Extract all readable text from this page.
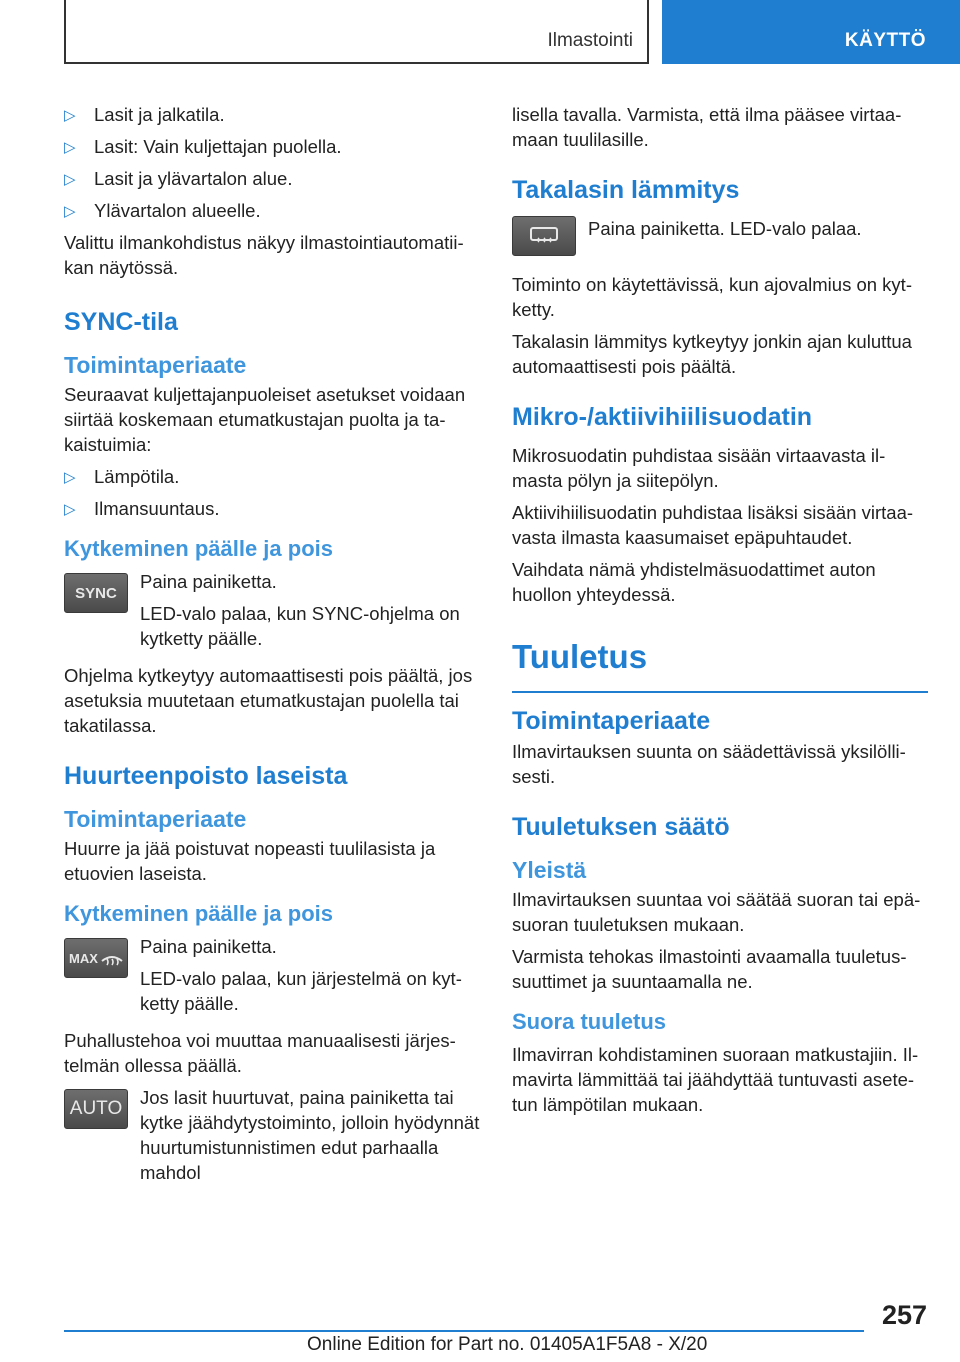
Ilmastointi	KÄYTTÖ
▷ Lasit ja jalkatila.
▷ Lasit: Vain kuljettajan puolella.
▷ Lasit ja ylävartalon alue.
▷ Ylävartalon alueelle.

Valittu ilmankohdistus näkyy ilmastointiautomatiikan näytössä.

SYNC-tila
Toimintaperiaate

Seuraavat kuljettajanpuoleiset asetukset voidaan siirtää koskemaan etumatkustajan puolta ja takaistuimia:

▷ Lämpötila.
▷ Ilmansuuntaus.
Kytkeminen päälle ja pois
SYNC

Paina painiketta.

LED-valo palaa, kun SYNC-ohjelma on kytketty päälle.

Ohjelma kytkeytyy automaattisesti pois päältä, jos asetuksia muutetaan etumatkustajan puolella tai takatilassa.

Huurteenpoisto laseista
Toimintaperiaate

Huurre ja jää poistuvat nopeasti tuulilasista ja etuovien laseista.

Kytkeminen päälle ja pois
MAX

Paina painiketta.

LED-valo palaa, kun järjestelmä on kytketty päälle.

Puhallustehoa voi muuttaa manuaalisesti järjestelmän ollessa päällä.

AUTO

Jos lasit huurtuvat, paina painiketta tai kytke jäähdytystoiminto, jolloin hyödynnät huurtumistunnistimen edut parhaalla mahdol

lisella tavalla. Varmista, että ilma pääsee virtaamaan tuulilasille.

Takalasin lämmitys

Paina painiketta. LED-valo palaa.

Toiminto on käytettävissä, kun ajovalmius on kytketty.

Takalasin lämmitys kytkeytyy jonkin ajan kuluttua automaattisesti pois päältä.

Mikro-/aktiivihiilisuodatin

Mikrosuodatin puhdistaa sisään virtaavasta ilmasta pölyn ja siitepölyn.

Aktiivihiilisuodatin puhdistaa lisäksi sisään virtaavasta ilmasta kaasumaiset epäpuhtaudet.

Vaihdata nämä yhdistelmäsuodattimet auton huollon yhteydessä.

Tuuletus
Toimintaperiaate

Ilmavirtauksen suunta on säädettävissä yksilöllisesti.

Tuuletuksen säätö
Yleistä

Ilmavirtauksen suuntaa voi säätää suoran tai epäsuoran tuuletuksen mukaan.

Varmista tehokas ilmastointi avaamalla tuuletussuuttimet ja suuntaamalla ne.

Suora tuuletus

Ilmavirran kohdistaminen suoraan matkustajiin. Ilmavirta lämmittää tai jäähdyttää tuntuvasti asetetun lämpötilan mukaan.

257
Online Edition for Part no. 01405A1F5A8 - X/20
